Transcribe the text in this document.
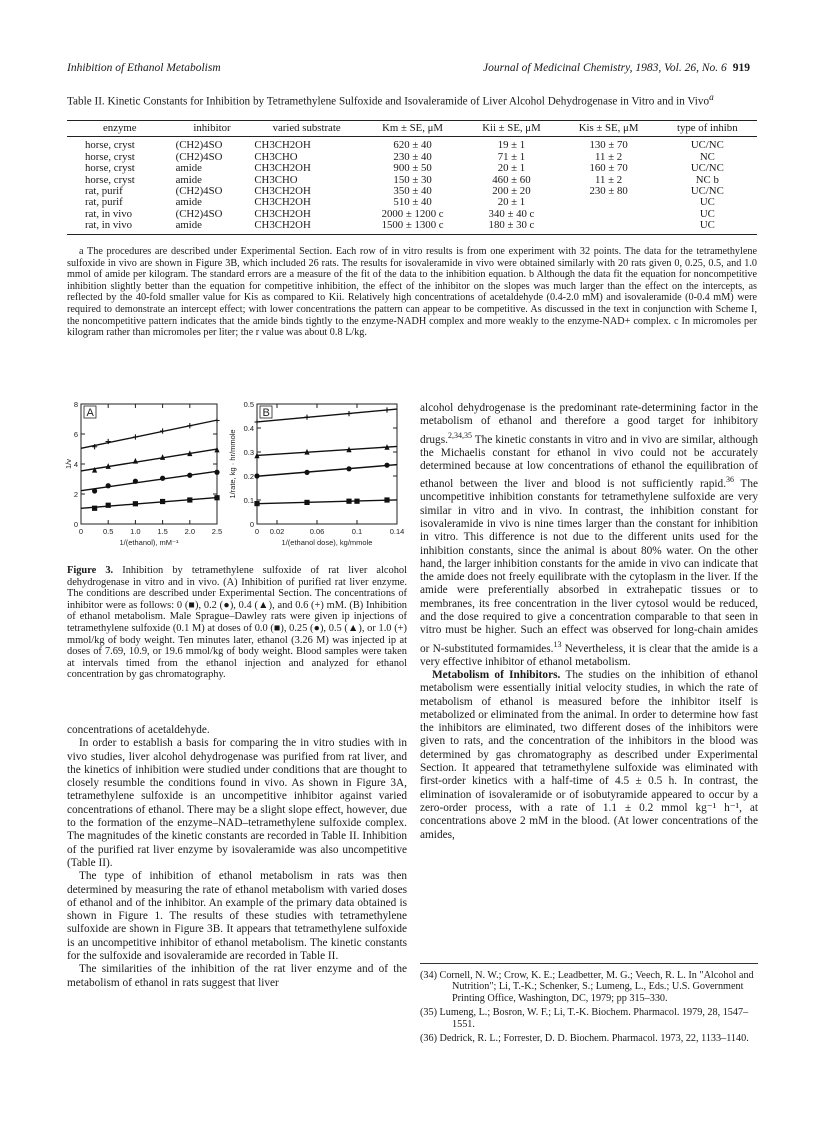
Inhibition of Ethanol Metabolism	Journal of Medicinal Chemistry, 1983, Vol. 26, No. 6 919
Table II. Kinetic Constants for Inhibition by Tetramethylene Sulfoxide and Isovaleramide of Liver Alcohol Dehydrogenase in Vitro and in Vivo$^a$
enzyme	inhibitor	varied substrate	Km ± SE, μM	Kii ± SE, μM	Kis ± SE, μM	type of inhibn
horse, cryst	(CH2)4SO	CH3CH2OH	620 ± 40	19 ± 1	130 ± 70	UC/NC
horse, cryst	(CH2)4SO	CH3CHO	230 ± 40	71 ± 1	11 ± 2	NC
horse, cryst	amide	CH3CH2OH	900 ± 50	20 ± 1	160 ± 70	UC/NC
horse, cryst	amide	CH3CHO	150 ± 30	460 ± 60	11 ± 2	NC b
rat, purif	(CH2)4SO	CH3CH2OH	350 ± 40	200 ± 20	230 ± 80	UC/NC
rat, purif	amide	CH3CH2OH	510 ± 40	20 ± 1		UC
rat, in vivo	(CH2)4SO	CH3CH2OH	2000 ± 1200 c	340 ± 40 c		UC
rat, in vivo	amide	CH3CH2OH	1500 ± 1300 c	180 ± 30 c		UC

a The procedures are described under Experimental Section. Each row of in vitro results is from one experiment with 32 points. The data for the tetramethylene sulfoxide in vivo are shown in Figure 3B, which included 26 rats. The results for isovaleramide in vivo were obtained similarly with 20 rats given 0, 0.25, 0.5, and 1.0 mmol of amide per kilogram. The standard errors are a measure of the fit of the data to the inhibition equation. b Although the data fit the equation for noncompetitive inhibition slightly better than the equation for competitive inhibition, the effect of the inhibitor on the slopes was much larger than the effect on the intercepts, as reflected by the 40-fold smaller value for Kis as compared to Kii. Relatively high concentrations of acetaldehyde (0.4-2.0 mM) and isovaleramide (0-0.4 mM) were required to demonstrate an intercept effect; with lower concentrations the pattern can appear to be competitive. As discussed in the text in conjunction with Scheme I, the noncompetitive pattern indicates that the amide binds tightly to the enzyme-NADH complex and more weakly to the enzyme-NAD+ complex. c In micromoles per kilogram rather than micromoles per liter; the r value was about 0.8 L/kg.

A
0	0.5 1.0 1.5 2.0 2.5
0
2
4
6
8
1/(ethanol), mM⁻¹
1/v
B
0 0.02	0.06	0.1	0.14
0
0.1
0.2
0.3
0.4
0.5
1/(ethanol dose), kg/mmole
1/rate, kg · hr/mmole
Figure 3. Inhibition by tetramethylene sulfoxide of rat liver alcohol dehydrogenase in vitro and in vivo. (A) Inhibition of purified rat liver enzyme. The conditions are described under Experimental Section. The concentrations of inhibitor were as follows: 0 (■), 0.2 (●), 0.4 (▲), and 0.6 (+) mM. (B) Inhibition of ethanol metabolism. Male Sprague–Dawley rats were given ip injections of tetramethylene sulfoxide (0.1 M) at doses of 0.0 (■), 0.25 (●), 0.5 (▲), or 1.0 (+) mmol/kg of body weight. Ten minutes later, ethanol (3.26 M) was injected ip at doses of 7.69, 10.9, or 19.6 mmol/kg of body weight. Blood samples were taken at intervals timed from the ethanol injection and analyzed for ethanol concentration by gas chromatography.

concentrations of acetaldehyde.

In order to establish a basis for comparing the in vitro studies with in vivo studies, liver alcohol dehydrogenase was purified from rat liver, and the kinetics of inhibition were studied under conditions that are thought to closely resumble the conditions found in vivo. As shown in Figure 3A, tetramethylene sulfoxide is an uncompetitive inhibitor against varied concentrations of ethanol. There may be a slight slope effect, however, due to the formation of the enzyme–NAD–tetramethylene sulfoxide complex. The magnitudes of the kinetic constants are recorded in Table II. Inhibition of the purified rat liver enzyme by isovaleramide was also uncompetitive (Table II).

The type of inhibition of ethanol metabolism in rats was then determined by measuring the rate of ethanol metabolism with varied doses of ethanol and of the inhibitor. An example of the primary data obtained is shown in Figure 1. The results of these studies with tetramethylene sulfoxide are shown in Figure 3B. It appears that tetramethylene sulfoxide is an uncompetitive inhibitor of ethanol metabolism. The kinetic constants for the sulfoxide and isovaleramide are recorded in Table II.

The similarities of the inhibition of the rat liver enzyme and of the metabolism of ethanol in rats suggest that liver

alcohol dehydrogenase is the predominant rate-determining factor in the metabolism of ethanol and therefore a good target for inhibitory drugs.$^{2,34,35}$ The kinetic constants in vitro and in vivo are similar, although the Michaelis constant for ethanol in vivo could not be accurately determined because at low concentrations of ethanol the equilibration of ethanol between the liver and blood is not sufficiently rapid.$^{36}$ The uncompetitive inhibition constants for tetramethylene sulfoxide are very similar in vitro and in vivo. In contrast, the inhibition constant for isovaleramide in vivo is nine times larger than the constant for inhibition in vitro. This difference is not due to the different units used for the inhibition constants, since the animal is about 80% water. On the other hand, the larger inhibition constants for the amide in vivo can indicate that the amide does not freely equilibrate with the cytoplasm in the liver. If the amide were preferentially absorbed in extrahepatic tissues or to membranes, its free concentration in the liver cytosol would be reduced, and the dose required to give a concentration comparable to that seen in vitro must be higher. Such an effect was observed for long-chain amides or N-substituted formamides.$^{13}$ Nevertheless, it is clear that the amide is a very effective inhibitor of ethanol metabolism.

Metabolism of Inhibitors. The studies on the inhibition of ethanol metabolism were essentially initial velocity studies, in which the rate of metabolism of ethanol is measured before the inhibitor itself is metabolized or eliminated from the animal. In order to determine how fast the inhibitors are eliminated, two different doses of the inhibitors were given to rats, and the concentration of the inhibitors in the blood was determined by gas chromatography as described under Experimental Section. It appeared that tetramethylene sulfoxide was eliminated with first-order kinetics with a half-time of 4.5 ± 0.5 h. In contrast, the elimination of isovaleramide or of isobutyramide appeared to occur by a zero-order process, with a rate of 1.1 ± 0.2 mmol kg⁻¹ h⁻¹, at concentrations above 2 mM in the blood. (At lower concentrations of the amides,

(34) Cornell, N. W.; Crow, K. E.; Leadbetter, M. G.; Veech, R. L. In "Alcohol and Nutrition"; Li, T.-K.; Schenker, S.; Lumeng, L., Eds.; U.S. Government Printing Office, Washington, DC, 1979; pp 315–330.
(35) Lumeng, L.; Bosron, W. F.; Li, T.-K. Biochem. Pharmacol. 1979, 28, 1547–1551.
(36) Dedrick, R. L.; Forrester, D. D. Biochem. Pharmacol. 1973, 22, 1133–1140.
